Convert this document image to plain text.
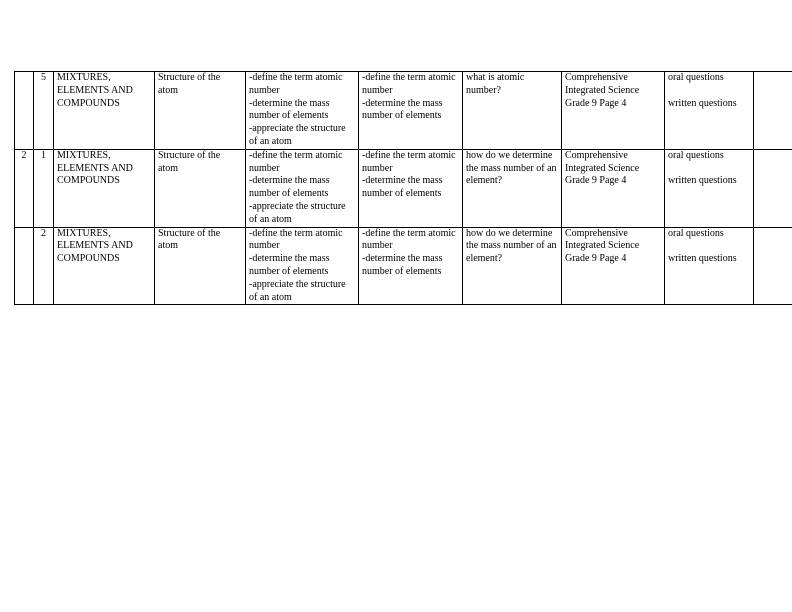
	5	MIXTURES, ELEMENTS AND COMPOUNDS	Structure of the atom	-define the term atomic number
-determine the mass number of elements
-appreciate the structure of an atom	-define the term atomic number
-determine the mass number of elements	what is atomic number?	Comprehensive Integrated Science Grade 9 Page 4	oral questions

written questions	

2	1	MIXTURES, ELEMENTS AND COMPOUNDS	Structure of the atom	-define the term atomic number
-determine the mass number of elements
-appreciate the structure of an atom	-define the term atomic number
-determine the mass number of elements	how do we determine the mass number of an element?	Comprehensive Integrated Science Grade 9 Page 4	oral questions

written questions	

	2	MIXTURES, ELEMENTS AND COMPOUNDS	Structure of the atom	-define the term atomic number
-determine the mass number of elements
-appreciate the structure of an atom	-define the term atomic number
-determine the mass number of elements	how do we determine the mass number of an element?	Comprehensive Integrated Science Grade 9 Page 4	oral questions

written questions	
